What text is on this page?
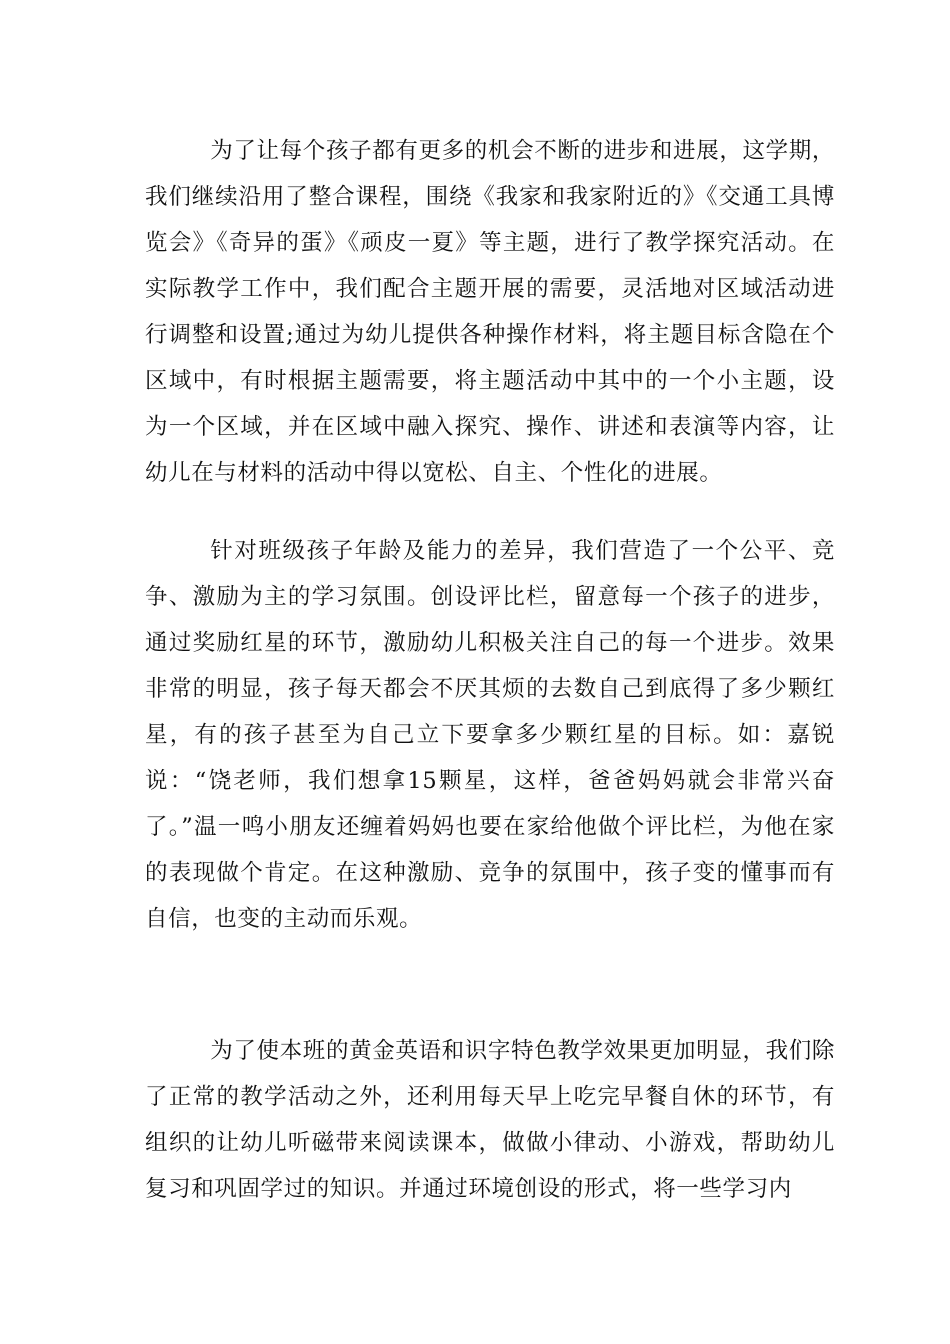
为了让每个孩子都有更多的机会不断的进步和进展，这学期，我们继续沿用了整合课程，围绕《我家和我家附近的》《交通工具博览会》《奇异的蛋》《顽皮一夏》等主题，进行了教学探究活动。在实际教学工作中，我们配合主题开展的需要，灵活地对区域活动进行调整和设置;通过为幼儿提供各种操作材料，将主题目标含隐在个区域中，有时根据主题需要，将主题活动中其中的一个小主题，设为一个区域，并在区域中融入探究、操作、讲述和表演等内容，让幼儿在与材料的活动中得以宽松、自主、个性化的进展。

针对班级孩子年龄及能力的差异，我们营造了一个公平、竞争、激励为主的学习氛围。创设评比栏，留意每一个孩子的进步，通过奖励红星的环节，激励幼儿积极关注自己的每一个进步。效果非常的明显，孩子每天都会不厌其烦的去数自己到底得了多少颗红星，有的孩子甚至为自己立下要拿多少颗红星的目标。如：嘉锐说：“饶老师，我们想拿15颗星，这样，爸爸妈妈就会非常兴奋了。”温一鸣小朋友还缠着妈妈也要在家给他做个评比栏，为他在家的表现做个肯定。在这种激励、竞争的氛围中，孩子变的懂事而有自信，也变的主动而乐观。

为了使本班的黄金英语和识字特色教学效果更加明显，我们除了正常的教学活动之外，还利用每天早上吃完早餐自休的环节，有组织的让幼儿听磁带来阅读课本，做做小律动、小游戏，帮助幼儿复习和巩固学过的知识。并通过环境创设的形式，将一些学习内
